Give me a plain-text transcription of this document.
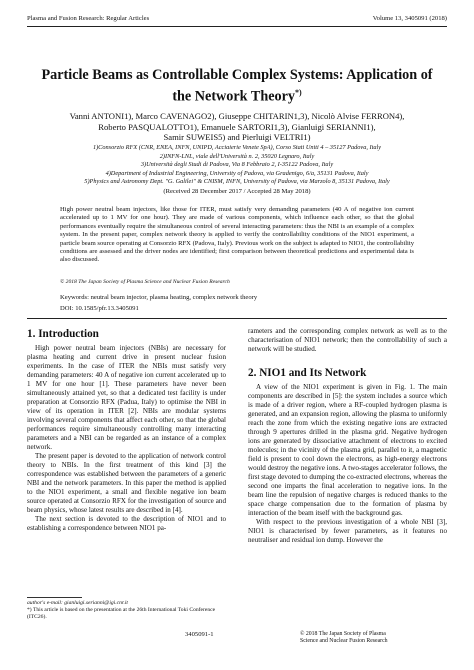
Plasma and Fusion Research: Regular Articles	Volume 13, 3405091 (2018)
Particle Beams as Controllable Complex Systems: Application of
the Network Theory*)
Vanni ANTONI1), Marco CAVENAGO2), Giuseppe CHITARIN1,3), Nicolò Alvise FERRON4),
Roberto PASQUALOTTO1), Emanuele SARTORI1,3), Gianluigi SERIANNI1),
Samir SUWEIS5) and Pierluigi VELTRI1)
1)Consorzio RFX (CNR, ENEA, INFN, UNIPD, Acciaierie Venete SpA), Corso Stati Uniti 4 – 35127 Padova, Italy
2)INFN-LNL, viale dell'Università n. 2, 35020 Legnaro, Italy
3)Università degli Studi di Padova, Via 8 Febbraio 2, I-35122 Padova, Italy
4)Department of Industrial Engineering, University of Padova, via Gradenigo, 6/a, 35131 Padova, Italy
5)Physics and Astronomy Dept. "G. Galilei" & CNISM, INFN, University of Padova, via Marzolo 8, 35131 Padova, Italy
(Received 28 December 2017 / Accepted 28 May 2018)
High power neutral beam injectors, like those for ITER, must satisfy very demanding parameters (40 A of negative ion current accelerated up to 1 MV for one hour). They are made of various components, which influence each other, so that the global performances eventually require the simultaneous control of several interacting parameters: thus the NBI is an example of a complex system. In the present paper, complex network theory is applied to verify the controllability conditions of the NIO1 experiment, a particle beam source operating at Consorzio RFX (Padova, Italy). Previous work on the subject is adapted to NIO1, the controllability conditions are assessed and the driver nodes are identified; first comparison between theoretical predictions and experimental data is also discussed.
© 2018 The Japan Society of Plasma Science and Nuclear Fusion Research
Keywords: neutral beam injector, plasma heating, complex network theory
DOI: 10.1585/pfr.13.3405091
1. Introduction

High power neutral beam injectors (NBIs) are necessary for plasma heating and current drive in present nuclear fusion experiments. In the case of ITER the NBIs must satisfy very demanding parameters: 40 A of negative ion current accelerated up to 1 MV for one hour [1]. These parameters have never been simultaneously attained yet, so that a dedicated test facility is under preparation at Consorzio RFX (Padua, Italy) to optimise the NBI in view of its operation in ITER [2]. NBIs are modular systems involving several components that affect each other, so that the global performances require simultaneously controlling many interacting parameters and a NBI can be regarded as an instance of a complex network.

The present paper is devoted to the application of network control theory to NBIs. In the first treatment of this kind [3] the correspondence was established between the parameters of a generic NBI and the network parameters. In this paper the method is applied to the NIO1 experiment, a small and flexible negative ion beam source operated at Consorzio RFX for the investigation of source and beam physics, whose latest results are described in [4].

The next section is devoted to the description of NIO1 and to establishing a correspondence between NIO1 pa-

rameters and the corresponding complex network as well as to the characterisation of NIO1 network; then the controllability of such a network will be studied.

2. NIO1 and Its Network

A view of the NIO1 experiment is given in Fig. 1. The main components are described in [5]: the system includes a source which is made of a driver region, where a RF-coupled hydrogen plasma is generated, and an expansion region, allowing the plasma to uniformly reach the zone from which the existing negative ions are extracted through 9 apertures drilled in the plasma grid. Negative hydrogen ions are generated by dissociative attachment of electrons to excited molecules; in the vicinity of the plasma grid, parallel to it, a magnetic field is present to cool down the electrons, as high-energy electrons would destroy the negative ions. A two-stages accelerator follows, the first stage devoted to dumping the co-extracted electrons, whereas the second one imparts the final acceleration to negative ions. In the beam line the repulsion of negative charges is reduced thanks to the space charge compensation due to the formation of plasma by interaction of the beam itself with the background gas.

With respect to the previous investigation of a whole NBI [3], NIO1 is characterised by fewer parameters, as it features no neutraliser and residual ion dump. However the

author's e-mail: gianluigi.serianni@igi.cnr.it
*) This article is based on the presentation at the 26th International Toki Conference (ITC26).
3405091-1	© 2018 The Japan Society of Plasma
Science and Nuclear Fusion Research
